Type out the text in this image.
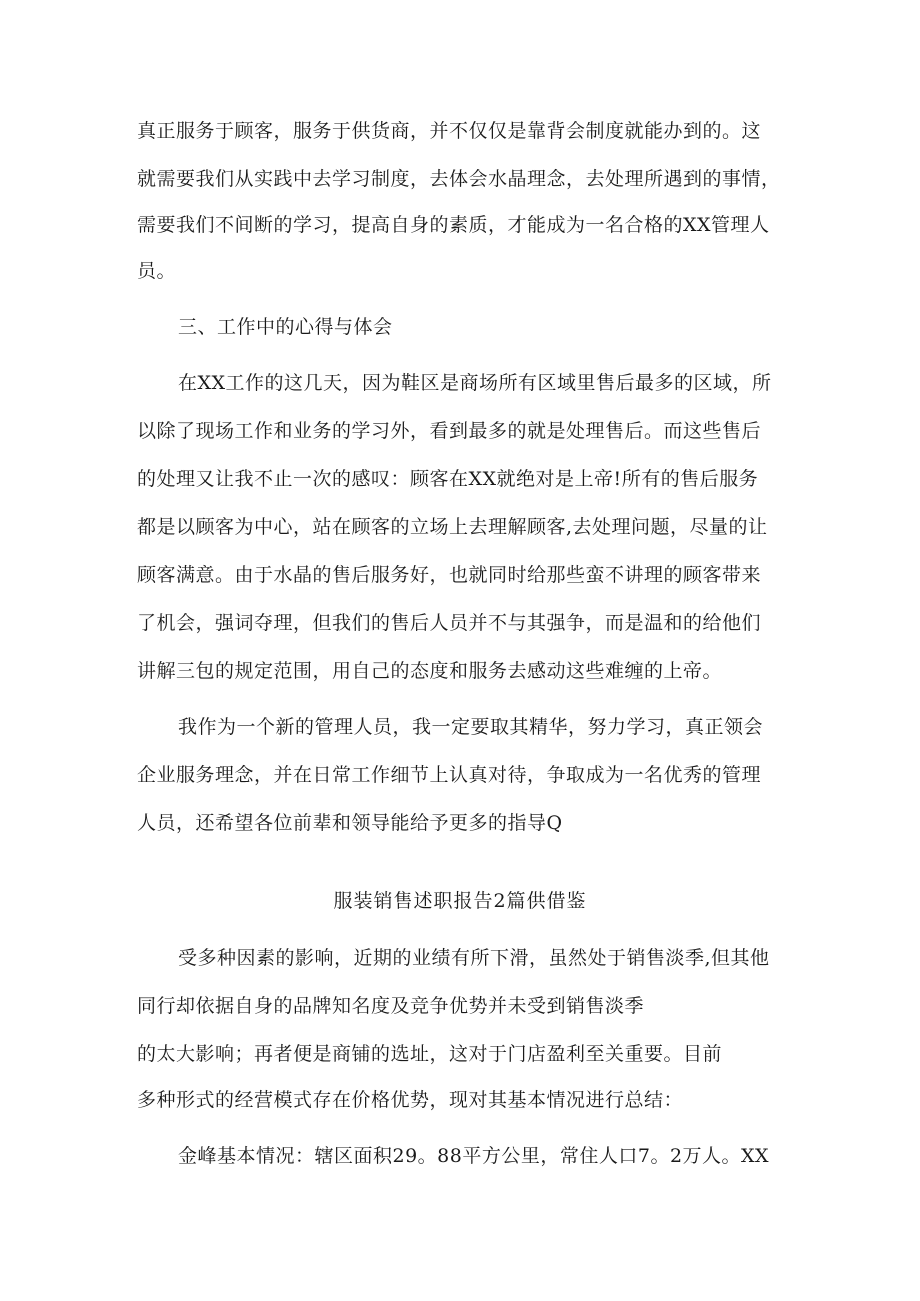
真正服务于顾客，服务于供货商，并不仅仅是靠背会制度就能办到的。这

就需要我们从实践中去学习制度，去体会水晶理念，去处理所遇到的事情，

需要我们不间断的学习，提高自身的素质，才能成为一名合格的XX管理人

员。

三、工作中的心得与体会

在XX工作的这几天，因为鞋区是商场所有区域里售后最多的区域，所

以除了现场工作和业务的学习外，看到最多的就是处理售后。而这些售后

的处理又让我不止一次的感叹：顾客在XX就绝对是上帝!所有的售后服务

都是以顾客为中心，站在顾客的立场上去理解顾客,去处理问题，尽量的让

顾客满意。由于水晶的售后服务好，也就同时给那些蛮不讲理的顾客带来

了机会，强词夺理，但我们的售后人员并不与其强争，而是温和的给他们

讲解三包的规定范围，用自己的态度和服务去感动这些难缠的上帝。

我作为一个新的管理人员，我一定要取其精华，努力学习，真正领会

企业服务理念，并在日常工作细节上认真对待，争取成为一名优秀的管理

人员，还希望各位前辈和领导能给予更多的指导Q

服装销售述职报告2篇供借鉴

受多种因素的影响，近期的业绩有所下滑，虽然处于销售淡季,但其他

同行却依据自身的品牌知名度及竞争优势并未受到销售淡季

的太大影响；再者便是商铺的选址，这对于门店盈利至关重要。目前

多种形式的经营模式存在价格优势，现对其基本情况进行总结：

金峰基本情况：辖区面积29。88平方公里，常住人口7。2万人。XX
